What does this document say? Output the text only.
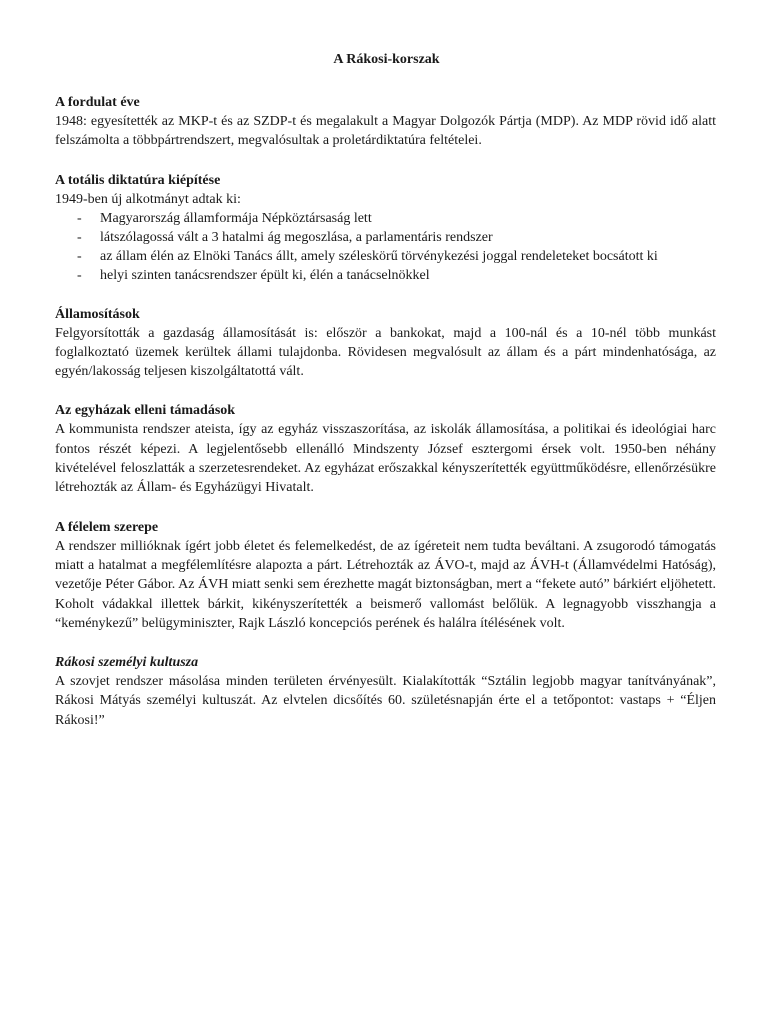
A Rákosi-korszak

A fordulat éve

1948: egyesítették az MKP-t és az SZDP-t és megalakult a Magyar Dolgozók Pártja (MDP). Az MDP rövid idő alatt felszámolta a többpártrendszert, megvalósultak a proletárdiktatúra feltételei.

A totális diktatúra kiépítése

1949-ben új alkotmányt adtak ki:

- Magyarország államformája Népköztársaság lett
- látszólagossá vált a 3 hatalmi ág megoszlása, a parlamentáris rendszer
- az állam élén az Elnöki Tanács állt, amely széleskörű törvénykezési joggal rendeleteket bocsátott ki
- helyi szinten tanácsrendszer épült ki, élén a tanácselnökkel

Államosítások

Felgyorsították a gazdaság államosítását is: először a bankokat, majd a 100-nál és a 10-nél több munkást foglalkoztató üzemek kerültek állami tulajdonba. Rövidesen megvalósult az állam és a párt mindenhatósága, az egyén/lakosság teljesen kiszolgáltatottá vált.

Az egyházak elleni támadások

A kommunista rendszer ateista, így az egyház visszaszorítása, az iskolák államosítása, a politikai és ideológiai harc fontos részét képezi. A legjelentősebb ellenálló Mindszenty József esztergomi érsek volt. 1950-ben néhány kivételével feloszlatták a szerzetesrendeket. Az egyházat erőszakkal kényszerítették együttműködésre, ellenőrzésükre létrehozták az Állam- és Egyházügyi Hivatalt.

A félelem szerepe

A rendszer millióknak ígért jobb életet és felemelkedést, de az ígéreteit nem tudta beváltani. A zsugorodó támogatás miatt a hatalmat a megfélemlítésre alapozta a párt. Létrehozták az ÁVO-t, majd az ÁVH-t (Államvédelmi Hatóság), vezetője Péter Gábor. Az ÁVH miatt senki sem érezhette magát biztonságban, mert a “fekete autó” bárkiért eljöhetett. Koholt vádakkal illettek bárkit, kikényszerítették a beismerő vallomást belőlük. A legnagyobb visszhangja a “keménykezű” belügyminiszter, Rajk László koncepciós perének és halálra ítélésének volt.

Rákosi személyi kultusza

A szovjet rendszer másolása minden területen érvényesült. Kialakították “Sztálin legjobb magyar tanítványának”, Rákosi Mátyás személyi kultuszát. Az elvtelen dicsőítés 60. születésnapján érte el a tetőpontot: vastaps + “Éljen Rákosi!”
